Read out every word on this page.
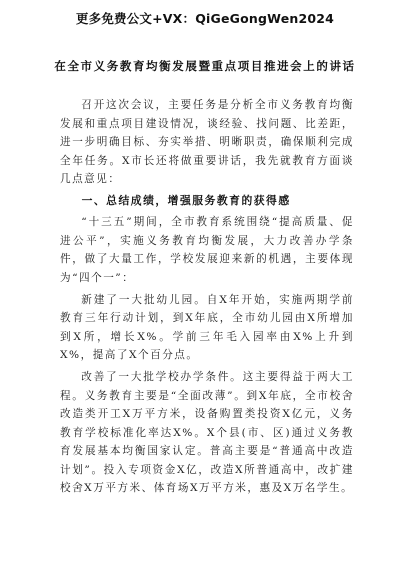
更多免费公文+VX：QiGeGongWen2024
在全市义务教育均衡发展暨重点项目推进会上的讲话

召开这次会议，主要任务是分析全市义务教育均衡发展和重点项目建设情况，谈经验、找问题、比差距，进一步明确目标、夯实举措、明晰职责，确保顺利完成全年任务。X市长还将做重要讲话，我先就教育方面谈几点意见：

一、总结成绩，增强服务教育的获得感

“十三五”期间，全市教育系统围绕“提高质量、促进公平”，实施义务教育均衡发展，大力改善办学条件，做了大量工作，学校发展迎来新的机遇，主要体现为“四个一”：

新建了一大批幼儿园。自X年开始，实施两期学前教育三年行动计划，到X年底，全市幼儿园由X所增加到X所，增长X%。学前三年毛入园率由X%上升到X%，提高了X个百分点。

改善了一大批学校办学条件。这主要得益于两大工程。义务教育主要是“全面改薄”。到X年底，全市校舍改造类开工X万平方米，设备购置类投资X亿元，义务教育学校标准化率达X%。X个县(市、区)通过义务教育发展基本均衡国家认定。普高主要是“普通高中改造计划”。投入专项资金X亿，改造X所普通高中，改扩建校舍X万平方米、体育场X万平方米，惠及X万名学生。
